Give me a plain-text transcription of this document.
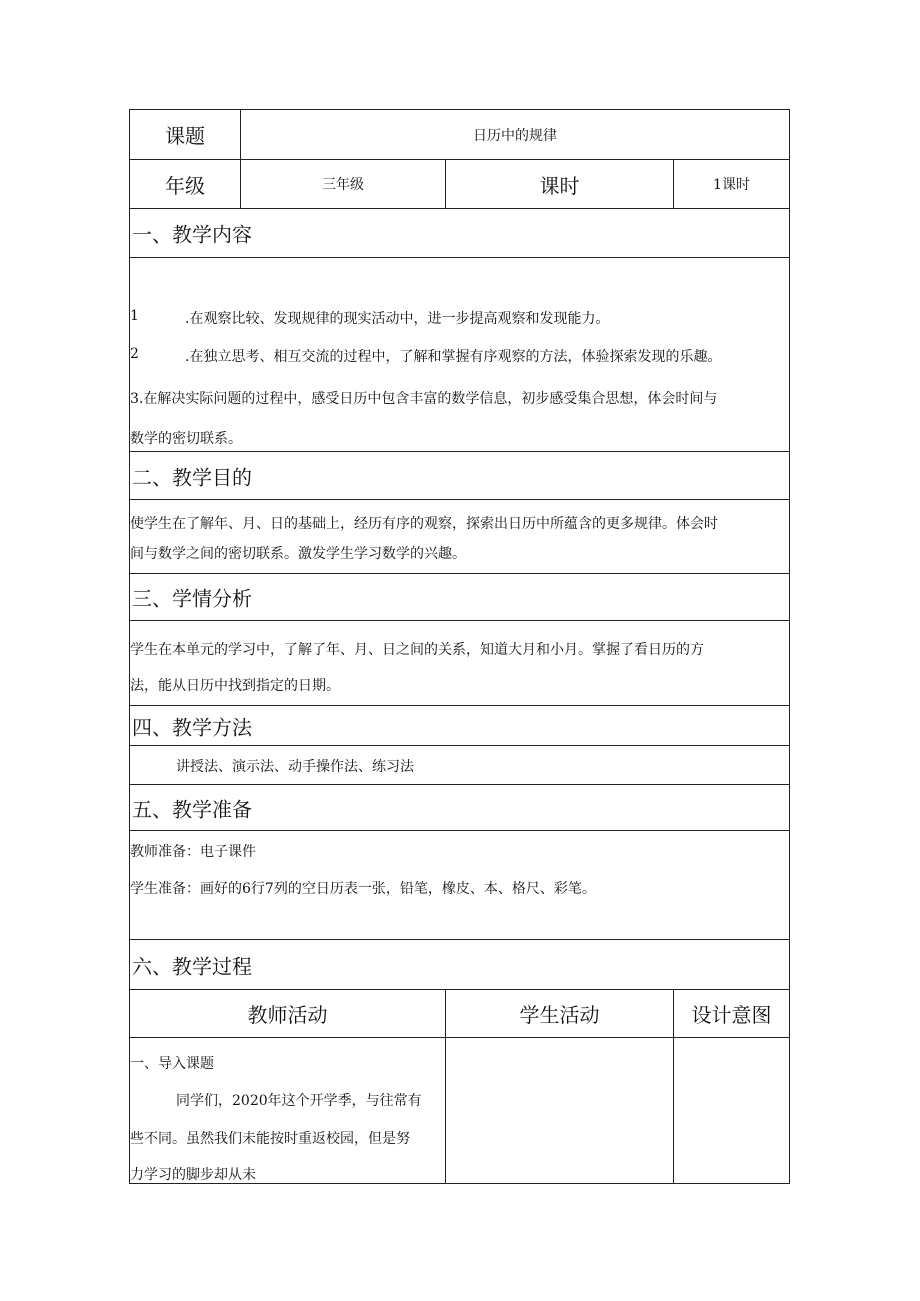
课题	日历中的规律
年级	三年级	课时	1课时
一、教学内容
1	.在观察比较、发现规律的现实活动中，进一步提高观察和发现能力。
2	.在独立思考、相互交流的过程中，了解和掌握有序观察的方法，体验探索发现的乐趣。
3.在解决实际问题的过程中，感受日历中包含丰富的数学信息，初步感受集合思想，体会时间与
数学的密切联系。
二、教学目的
使学生在了解年、月、日的基础上，经历有序的观察，探索出日历中所蕴含的更多规律。体会时
间与数学之间的密切联系。激发学生学习数学的兴趣。
三、学情分析
学生在本单元的学习中，了解了年、月、日之间的关系，知道大月和小月。掌握了看日历的方
法，能从日历中找到指定的日期。
四、教学方法
讲授法、演示法、动手操作法、练习法
五、教学准备
教师准备：电子课件
学生准备：画好的6行7列的空日历表一张，铅笔，橡皮、本、格尺、彩笔。
六、教学过程
教师活动	学生活动	设计意图
一、导入课题
同学们，2020年这个开学季，与往常有
些不同。虽然我们未能按时重返校园，但是努
力学习的脚步却从未
